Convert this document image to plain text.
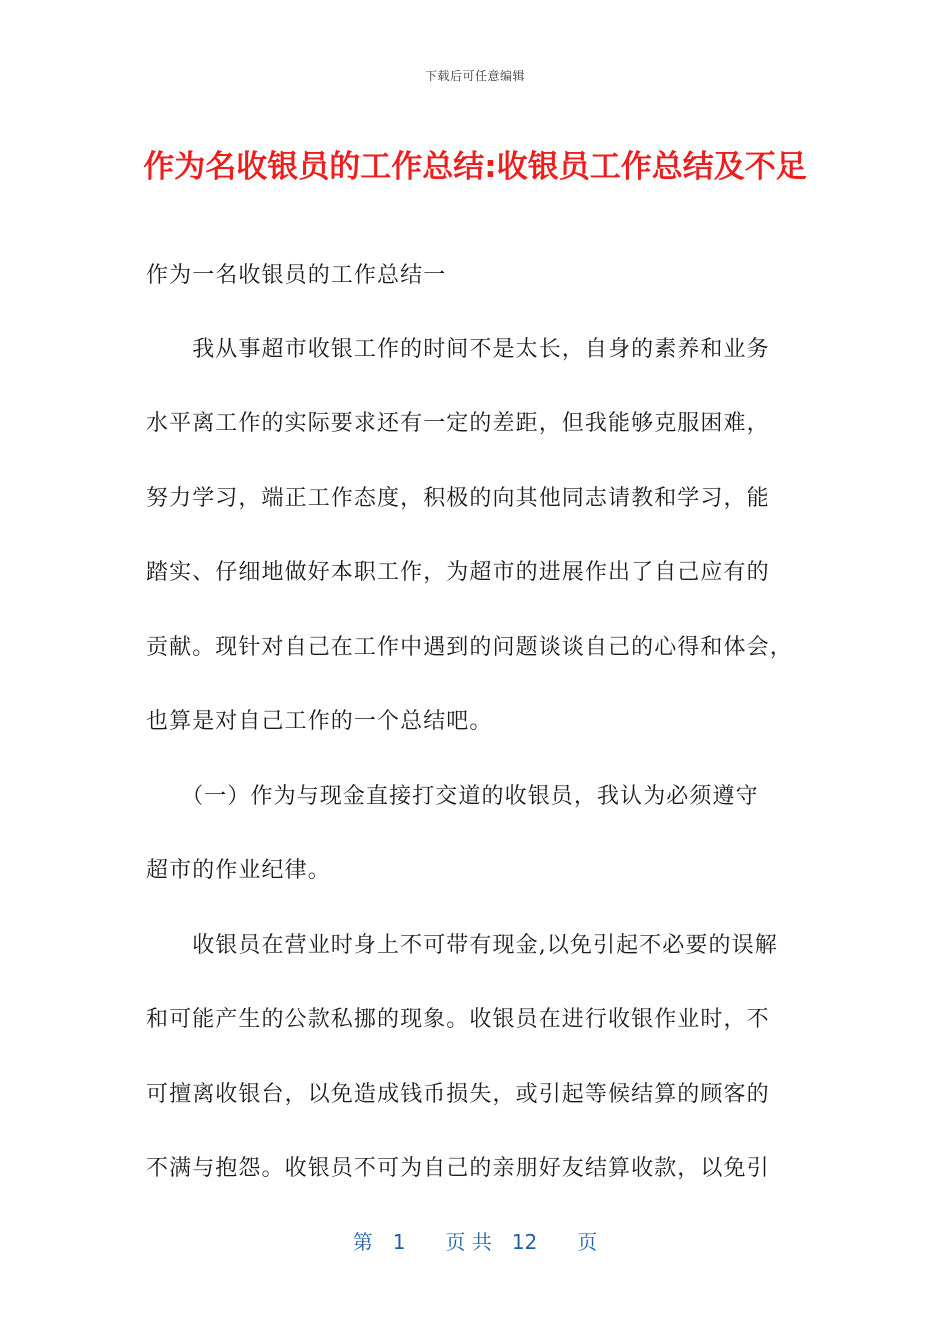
下载后可任意编辑
作为名收银员的工作总结:收银员工作总结及不足
作为一名收银员的工作总结一
　　我从事超市收银工作的时间不是太长，自身的素养和业务
水平离工作的实际要求还有一定的差距，但我能够克服困难，
努力学习，端正工作态度，积极的向其他同志请教和学习，能
踏实、仔细地做好本职工作，为超市的进展作出了自己应有的
贡献。现针对自己在工作中遇到的问题谈谈自己的心得和体会，
也算是对自己工作的一个总结吧。
　　（一）作为与现金直接打交道的收银员，我认为必须遵守
超市的作业纪律。
　　收银员在营业时身上不可带有现金,以免引起不必要的误解
和可能产生的公款私挪的现象。收银员在进行收银作业时，不
可擅离收银台，以免造成钱币损失，或引起等候结算的顾客的
不满与抱怨。收银员不可为自己的亲朋好友结算收款，以免引
第　1　　页 共　12　　页
